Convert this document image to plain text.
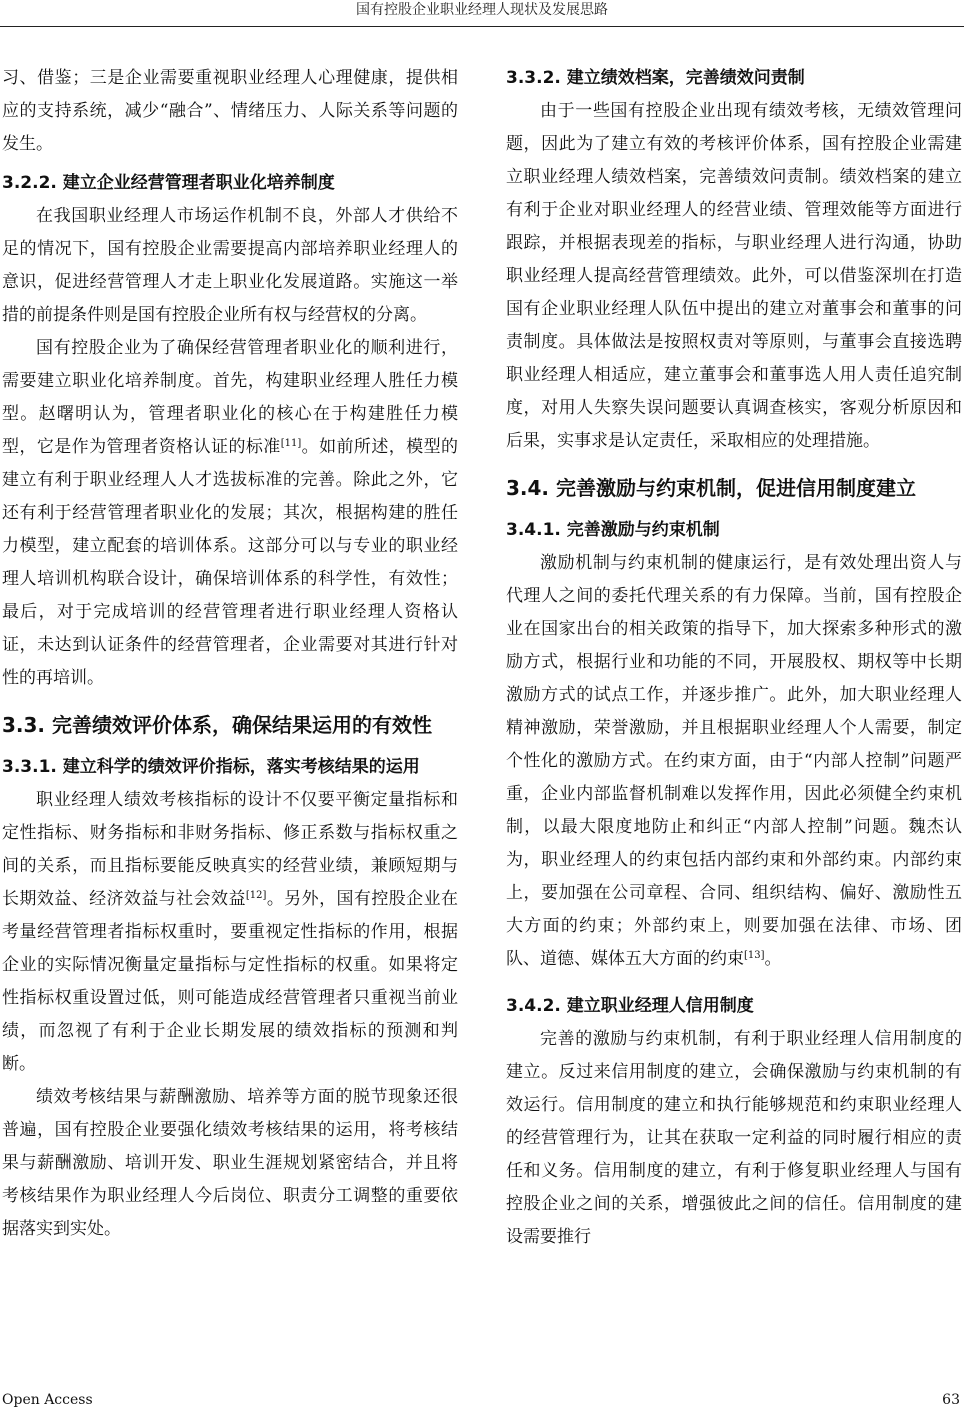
国有控股企业职业经理人现状及发展思路

习、借鉴；三是企业需要重视职业经理人心理健康，提供相应的支持系统，减少“融合”、情绪压力、人际关系等问题的发生。

3.2.2. 建立企业经营管理者职业化培养制度

在我国职业经理人市场运作机制不良，外部人才供给不足的情况下，国有控股企业需要提高内部培养职业经理人的意识，促进经营管理人才走上职业化发展道路。实施这一举措的前提条件则是国有控股企业所有权与经营权的分离。

国有控股企业为了确保经营管理者职业化的顺利进行，需要建立职业化培养制度。首先，构建职业经理人胜任力模型。赵曙明认为，管理者职业化的核心在于构建胜任力模型，它是作为管理者资格认证的标准[11]。如前所述，模型的建立有利于职业经理人人才选拔标准的完善。除此之外，它还有利于经营管理者职业化的发展；其次，根据构建的胜任力模型，建立配套的培训体系。这部分可以与专业的职业经理人培训机构联合设计，确保培训体系的科学性，有效性；最后，对于完成培训的经营管理者进行职业经理人资格认证，未达到认证条件的经营管理者，企业需要对其进行针对性的再培训。

3.3. 完善绩效评价体系，确保结果运用的有效性
3.3.1. 建立科学的绩效评价指标，落实考核结果的运用

职业经理人绩效考核指标的设计不仅要平衡定量指标和定性指标、财务指标和非财务指标、修正系数与指标权重之间的关系，而且指标要能反映真实的经营业绩，兼顾短期与长期效益、经济效益与社会效益[12]。另外，国有控股企业在考量经营管理者指标权重时，要重视定性指标的作用，根据企业的实际情况衡量定量指标与定性指标的权重。如果将定性指标权重设置过低，则可能造成经营管理者只重视当前业绩，而忽视了有利于企业长期发展的绩效指标的预测和判断。

绩效考核结果与薪酬激励、培养等方面的脱节现象还很普遍，国有控股企业要强化绩效考核结果的运用，将考核结果与薪酬激励、培训开发、职业生涯规划紧密结合，并且将考核结果作为职业经理人今后岗位、职责分工调整的重要依据落实到实处。

3.3.2. 建立绩效档案，完善绩效问责制

由于一些国有控股企业出现有绩效考核，无绩效管理问题，因此为了建立有效的考核评价体系，国有控股企业需建立职业经理人绩效档案，完善绩效问责制。绩效档案的建立有利于企业对职业经理人的经营业绩、管理效能等方面进行跟踪，并根据表现差的指标，与职业经理人进行沟通，协助职业经理人提高经营管理绩效。此外，可以借鉴深圳在打造国有企业职业经理人队伍中提出的建立对董事会和董事的问责制度。具体做法是按照权责对等原则，与董事会直接选聘职业经理人相适应，建立董事会和董事选人用人责任追究制度，对用人失察失误问题要认真调查核实，客观分析原因和后果，实事求是认定责任，采取相应的处理措施。

3.4. 完善激励与约束机制，促进信用制度建立
3.4.1. 完善激励与约束机制

激励机制与约束机制的健康运行，是有效处理出资人与代理人之间的委托代理关系的有力保障。当前，国有控股企业在国家出台的相关政策的指导下，加大探索多种形式的激励方式，根据行业和功能的不同，开展股权、期权等中长期激励方式的试点工作，并逐步推广。此外，加大职业经理人精神激励，荣誉激励，并且根据职业经理人个人需要，制定个性化的激励方式。在约束方面，由于“内部人控制”问题严重，企业内部监督机制难以发挥作用，因此必须健全约束机制，以最大限度地防止和纠正“内部人控制”问题。魏杰认为，职业经理人的约束包括内部约束和外部约束。内部约束上，要加强在公司章程、合同、组织结构、偏好、激励性五大方面的约束；外部约束上，则要加强在法律、市场、团队、道德、媒体五大方面的约束[13]。

3.4.2. 建立职业经理人信用制度

完善的激励与约束机制，有利于职业经理人信用制度的建立。反过来信用制度的建立，会确保激励与约束机制的有效运行。信用制度的建立和执行能够规范和约束职业经理人的经营管理行为，让其在获取一定利益的同时履行相应的责任和义务。信用制度的建立，有利于修复职业经理人与国有控股企业之间的关系，增强彼此之间的信任。信用制度的建设需要推行

Open Access	63
